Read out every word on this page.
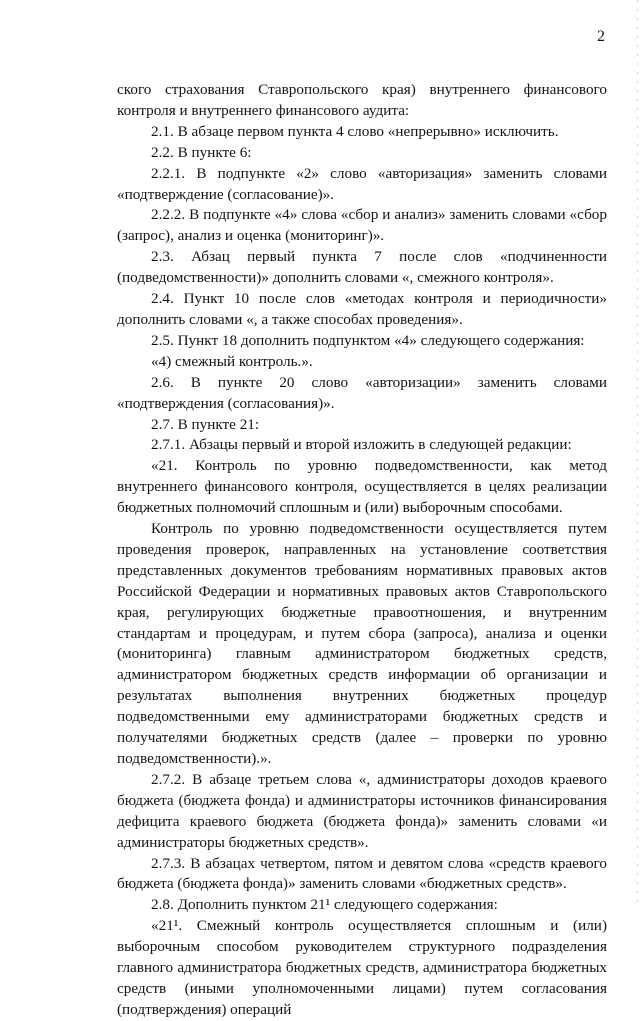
2

ского страхования Ставропольского края) внутреннего финансового контроля и внутреннего финансового аудита:

2.1. В абзаце первом пункта 4 слово «непрерывно» исключить.

2.2. В пункте 6:

2.2.1. В подпункте «2» слово «авторизация» заменить словами «подтверждение (согласование)».

2.2.2. В подпункте «4» слова «сбор и анализ» заменить словами «сбор (запрос), анализ и оценка (мониторинг)».

2.3. Абзац первый пункта 7 после слов «подчиненности (подведомственности)» дополнить словами «, смежного контроля».

2.4. Пункт 10 после слов «методах контроля и периодичности» дополнить словами «, а также способах проведения».

2.5. Пункт 18 дополнить подпунктом «4» следующего содержания:

«4) смежный контроль.».

2.6. В пункте 20 слово «авторизации» заменить словами «подтверждения (согласования)».

2.7. В пункте 21:

2.7.1. Абзацы первый и второй изложить в следующей редакции:

«21. Контроль по уровню подведомственности, как метод внутреннего финансового контроля, осуществляется в целях реализации бюджетных полномочий сплошным и (или) выборочным способами.

Контроль по уровню подведомственности осуществляется путем проведения проверок, направленных на установление соответствия представленных документов требованиям нормативных правовых актов Российской Федерации и нормативных правовых актов Ставропольского края, регулирующих бюджетные правоотношения, и внутренним стандартам и процедурам, и путем сбора (запроса), анализа и оценки (мониторинга) главным администратором бюджетных средств, администратором бюджетных средств информации об организации и результатах выполнения внутренних бюджетных процедур подведомственными ему администраторами бюджетных средств и получателями бюджетных средств (далее – проверки по уровню подведомственности).».

2.7.2. В абзаце третьем слова «, администраторы доходов краевого бюджета (бюджета фонда) и администраторы источников финансирования дефицита краевого бюджета (бюджета фонда)» заменить словами «и администраторы бюджетных средств».

2.7.3. В абзацах четвертом, пятом и девятом слова «средств краевого бюджета (бюджета фонда)» заменить словами «бюджетных средств».

2.8. Дополнить пунктом 21¹ следующего содержания:

«21¹. Смежный контроль осуществляется сплошным и (или) выборочным способом руководителем структурного подразделения главного администратора бюджетных средств, администратора бюджетных средств (иными уполномоченными лицами) путем согласования (подтверждения) операций
